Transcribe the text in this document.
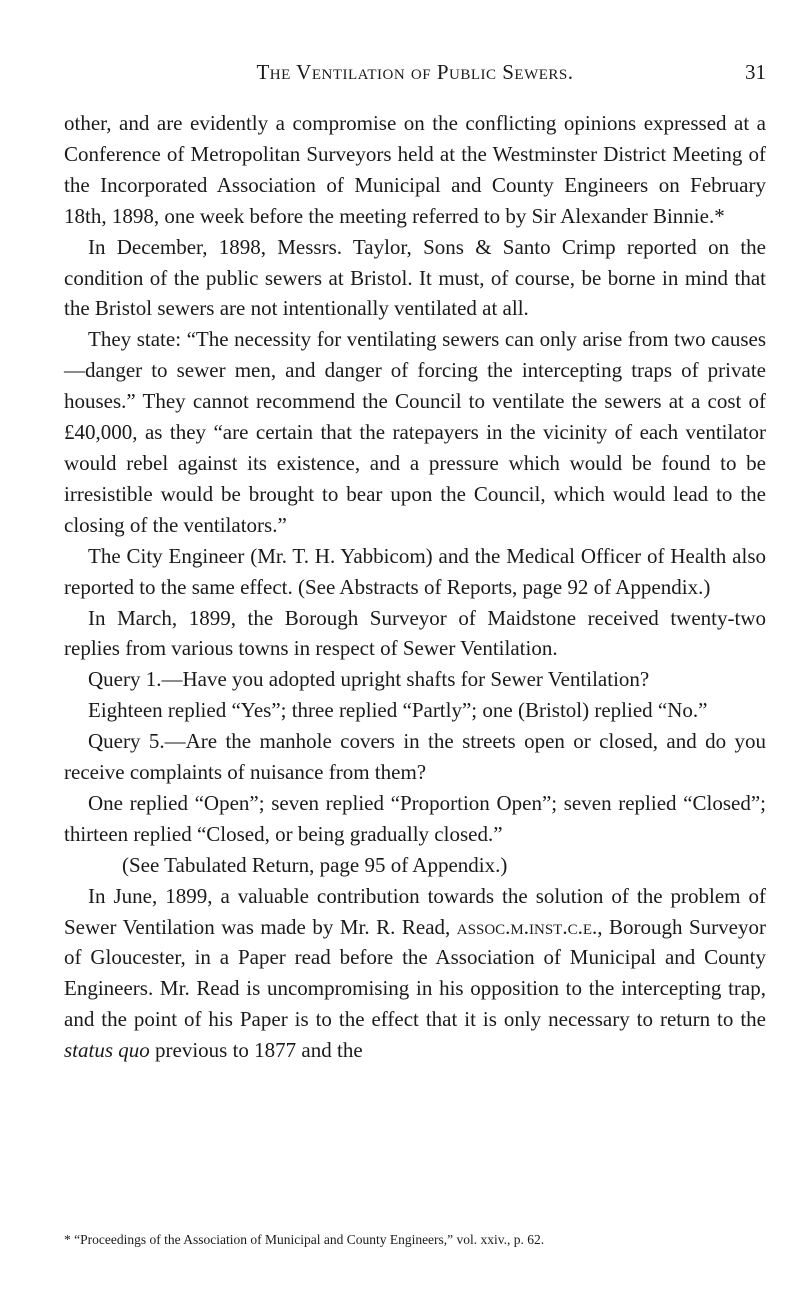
The Ventilation of Public Sewers.	31

other, and are evidently a compromise on the conflicting opinions expressed at a Conference of Metropolitan Surveyors held at the Westminster District Meeting of the Incorporated Association of Municipal and County Engineers on February 18th, 1898, one week before the meeting referred to by Sir Alexander Binnie.*

In December, 1898, Messrs. Taylor, Sons & Santo Crimp reported on the condition of the public sewers at Bristol. It must, of course, be borne in mind that the Bristol sewers are not intentionally ventilated at all.

They state: “The necessity for ventilating sewers can only arise from two causes—danger to sewer men, and danger of forcing the intercepting traps of private houses.” They cannot recommend the Council to ventilate the sewers at a cost of £40,000, as they “are certain that the ratepayers in the vicinity of each ventilator would rebel against its existence, and a pressure which would be found to be irresistible would be brought to bear upon the Council, which would lead to the closing of the ventilators.”

The City Engineer (Mr. T. H. Yabbicom) and the Medical Officer of Health also reported to the same effect. (See Abstracts of Reports, page 92 of Appendix.)

In March, 1899, the Borough Surveyor of Maidstone received twenty-two replies from various towns in respect of Sewer Ventilation.

Query 1.—Have you adopted upright shafts for Sewer Ventilation?

Eighteen replied “Yes”; three replied “Partly”; one (Bristol) replied “No.”

Query 5.—Are the manhole covers in the streets open or closed, and do you receive complaints of nuisance from them?

One replied “Open”; seven replied “Proportion Open”; seven replied “Closed”; thirteen replied “Closed, or being gradually closed.”

(See Tabulated Return, page 95 of Appendix.)

In June, 1899, a valuable contribution towards the solution of the problem of Sewer Ventilation was made by Mr. R. Read, assoc.m.inst.c.e., Borough Surveyor of Gloucester, in a Paper read before the Association of Municipal and County Engineers. Mr. Read is uncompromising in his opposition to the intercepting trap, and the point of his Paper is to the effect that it is only necessary to return to the status quo previous to 1877 and the

* “Proceedings of the Association of Municipal and County Engineers,” vol. xxiv., p. 62.
